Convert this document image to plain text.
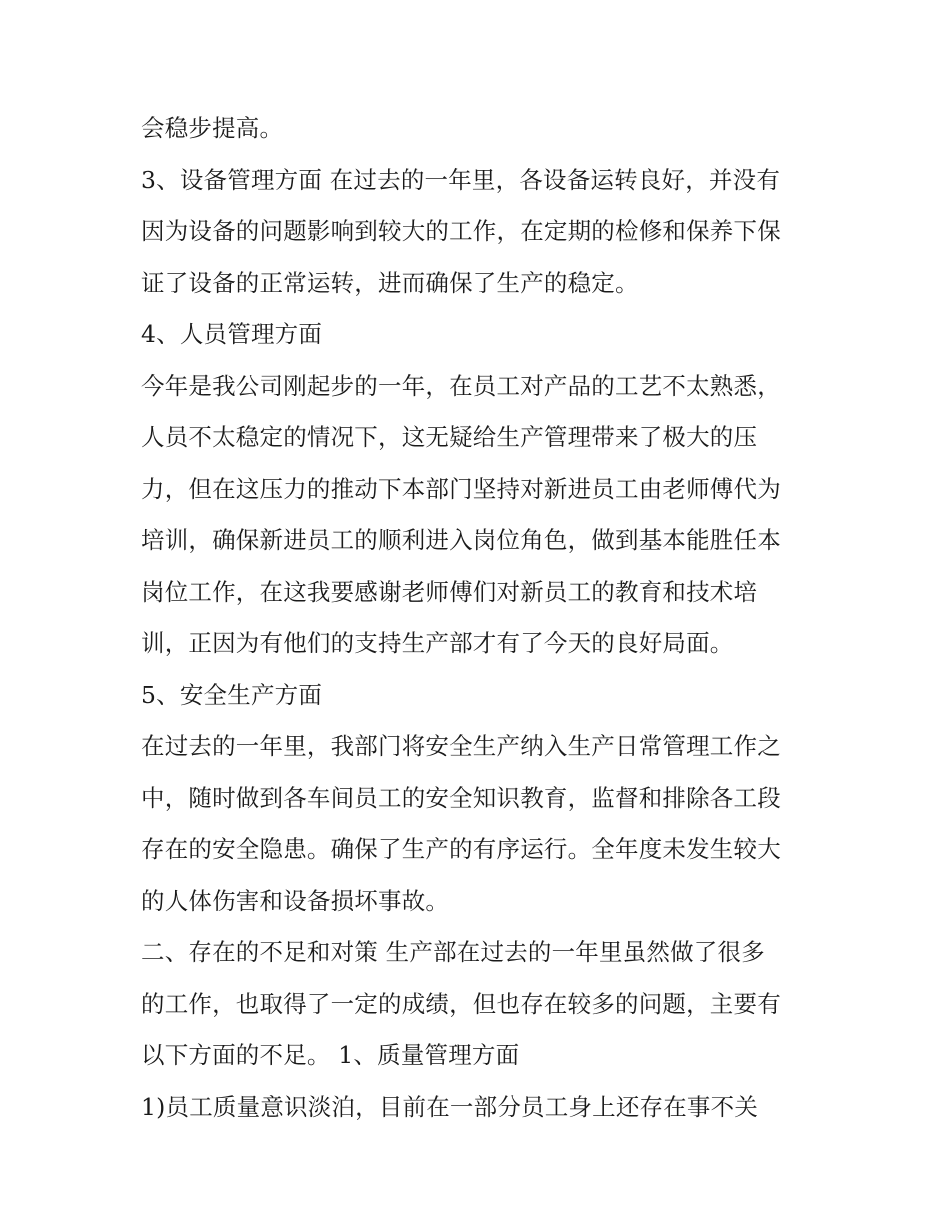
会稳步提高。
3、设备管理方面 在过去的一年里，各设备运转良好，并没有
因为设备的问题影响到较大的工作，在定期的检修和保养下保
证了设备的正常运转，进而确保了生产的稳定。
4、人员管理方面
今年是我公司刚起步的一年，在员工对产品的工艺不太熟悉，
人员不太稳定的情况下，这无疑给生产管理带来了极大的压
力，但在这压力的推动下本部门坚持对新进员工由老师傅代为
培训，确保新进员工的顺利进入岗位角色，做到基本能胜任本
岗位工作，在这我要感谢老师傅们对新员工的教育和技术培
训，正因为有他们的支持生产部才有了今天的良好局面。
5、安全生产方面
在过去的一年里，我部门将安全生产纳入生产日常管理工作之
中，随时做到各车间员工的安全知识教育，监督和排除各工段
存在的安全隐患。确保了生产的有序运行。全年度未发生较大
的人体伤害和设备损坏事故。
二、存在的不足和对策 生产部在过去的一年里虽然做了很多
的工作，也取得了一定的成绩，但也存在较多的问题，主要有
以下方面的不足。 1、质量管理方面
1)员工质量意识淡泊，目前在一部分员工身上还存在事不关
